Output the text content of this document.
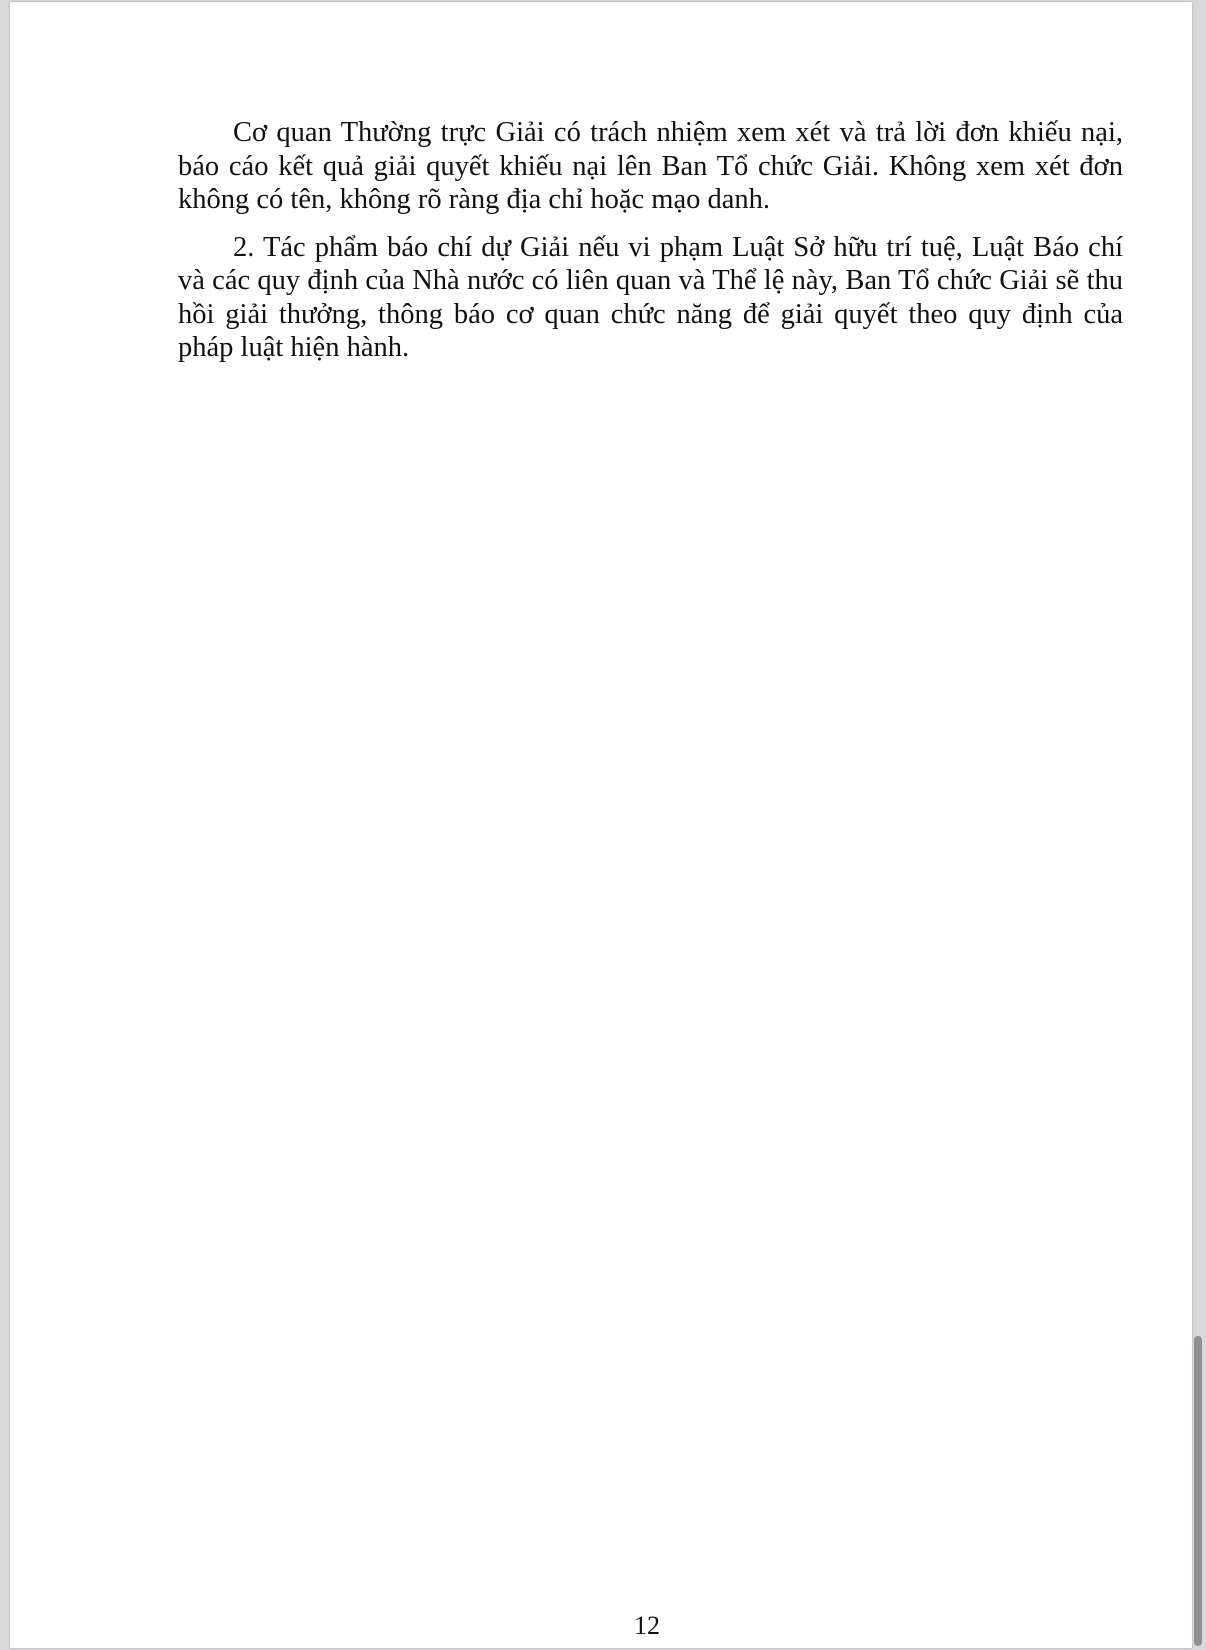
Cơ quan Thường trực Giải có trách nhiệm xem xét và trả lời đơn khiếu nại, báo cáo kết quả giải quyết khiếu nại lên Ban Tổ chức Giải. Không xem xét đơn không có tên, không rõ ràng địa chỉ hoặc mạo danh.

2. Tác phẩm báo chí dự Giải nếu vi phạm Luật Sở hữu trí tuệ, Luật Báo chí và các quy định của Nhà nước có liên quan và Thể lệ này, Ban Tổ chức Giải sẽ thu hồi giải thưởng, thông báo cơ quan chức năng để giải quyết theo quy định của pháp luật hiện hành.

12
